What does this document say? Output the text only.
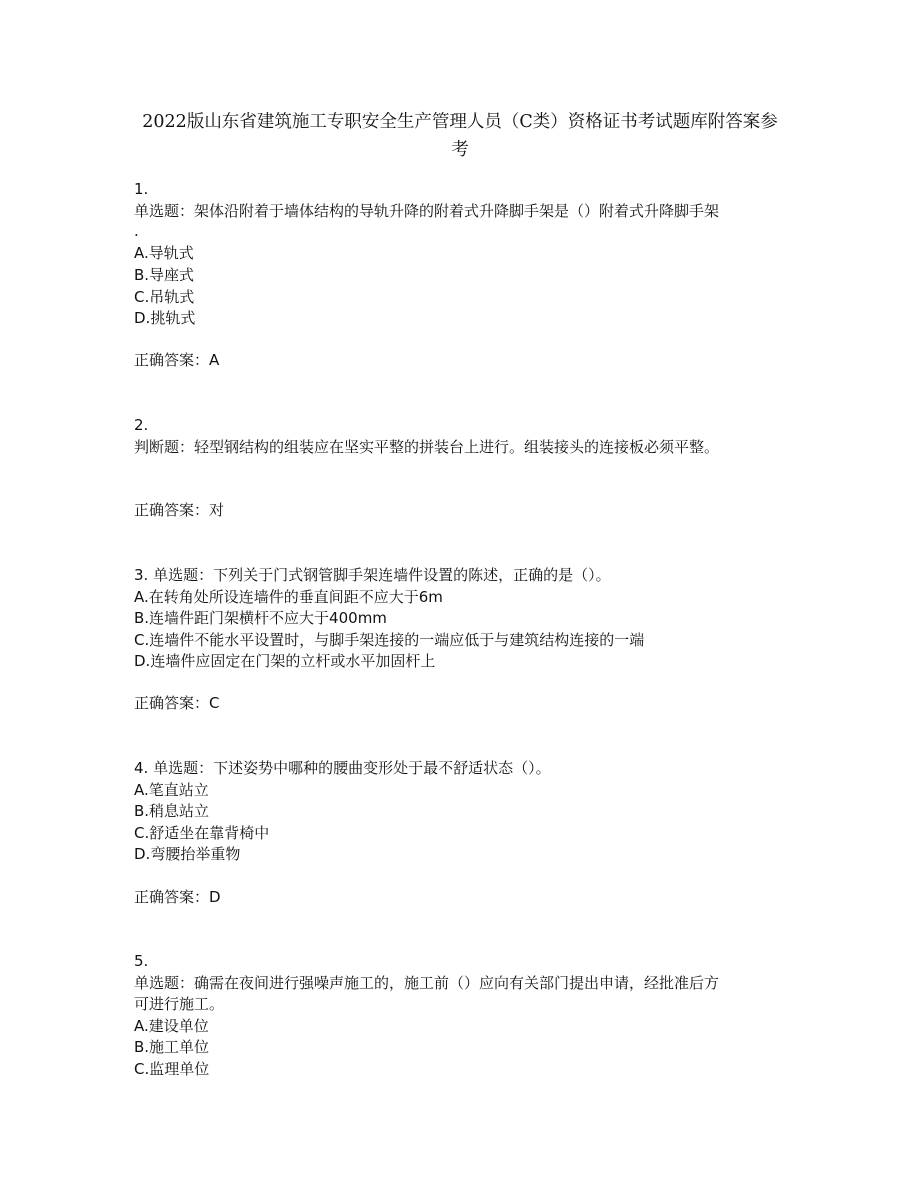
2022版山东省建筑施工专职安全生产管理人员（C类）资格证书考试题库附答案参
考
1.
单选题：架体沿附着于墙体结构的导轨升降的附着式升降脚手架是（）附着式升降脚手架
.
A.导轨式
B.导座式
C.吊轨式
D.挑轨式
正确答案：A
2.
判断题：轻型钢结构的组装应在坚实平整的拼装台上进行。组装接头的连接板必须平整。
正确答案：对
3. 单选题：下列关于门式钢管脚手架连墙件设置的陈述，正确的是（）。
A.在转角处所设连墙件的垂直间距不应大于6m
B.连墙件距门架横杆不应大于400mm
C.连墙件不能水平设置时，与脚手架连接的一端应低于与建筑结构连接的一端
D.连墙件应固定在门架的立杆或水平加固杆上
正确答案：C
4. 单选题：下述姿势中哪种的腰曲变形处于最不舒适状态（）。
A.笔直站立
B.稍息站立
C.舒适坐在靠背椅中
D.弯腰抬举重物
正确答案：D
5.
单选题：确需在夜间进行强噪声施工的，施工前（）应向有关部门提出申请，经批准后方
可进行施工。
A.建设单位
B.施工单位
C.监理单位
